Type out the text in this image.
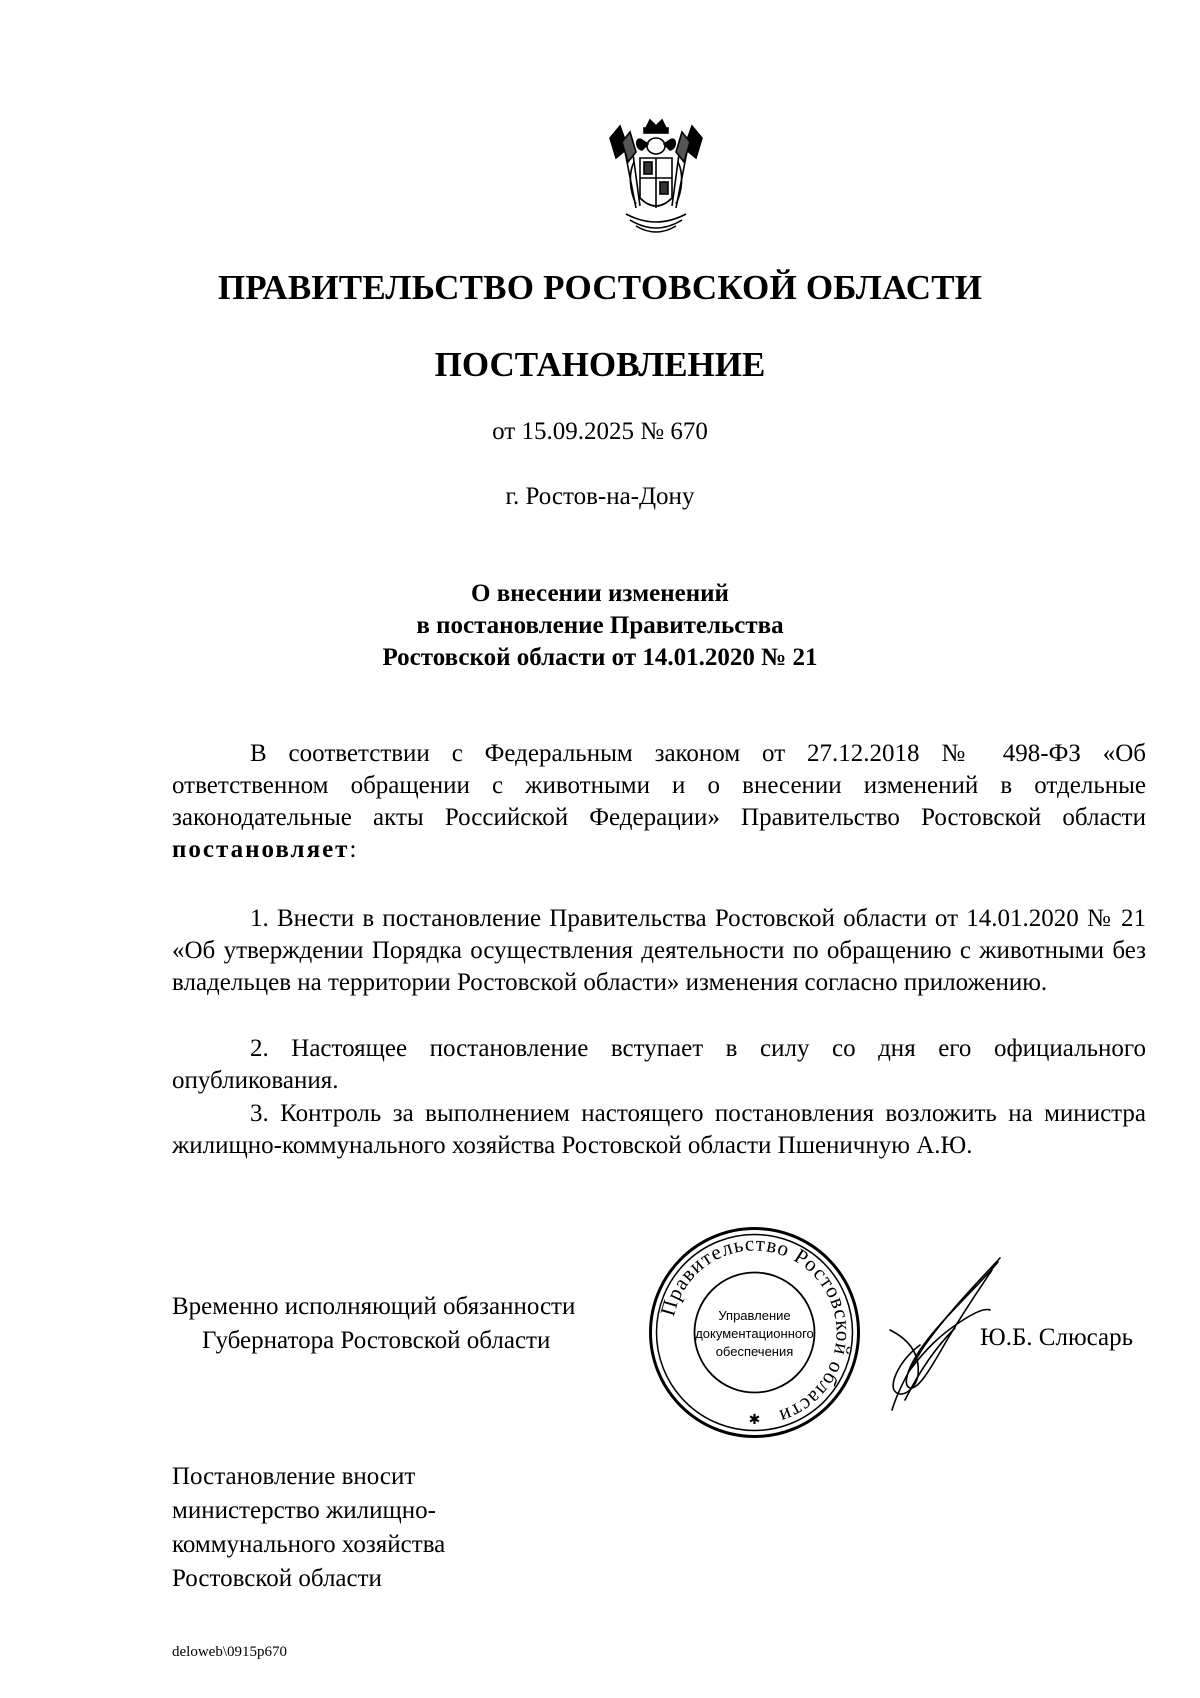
ПРАВИТЕЛЬСТВО РОСТОВСКОЙ ОБЛАСТИ
ПОСТАНОВЛЕНИЕ
от 15.09.2025 № 670
г. Ростов-на-Дону
О внесении изменений
в постановление Правительства
Ростовской области от 14.01.2020 № 21
В соответствии с Федеральным законом от 27.12.2018 № 498-ФЗ «Об ответственном обращении с животными и о внесении изменений в отдельные законодательные акты Российской Федерации» Правительство Ростовской области постановляет:
1. Внести в постановление Правительства Ростовской области от 14.01.2020 № 21 «Об утверждении Порядка осуществления деятельности по обращению с животными без владельцев на территории Ростовской области» изменения согласно приложению.
2. Настоящее постановление вступает в силу со дня его официального опубликования.
3. Контроль за выполнением настоящего постановления возложить на министра жилищно-коммунального хозяйства Ростовской области Пшеничную А.Ю.
Временно исполняющий обязанности
Губернатора Ростовской области
Правительство Ростовской области
Управление
документационного
обеспечения
✱
Ю.Б. Слюсарь
Постановление вносит
министерство жилищно-
коммунального хозяйства
Ростовской области
deloweb\0915p670
